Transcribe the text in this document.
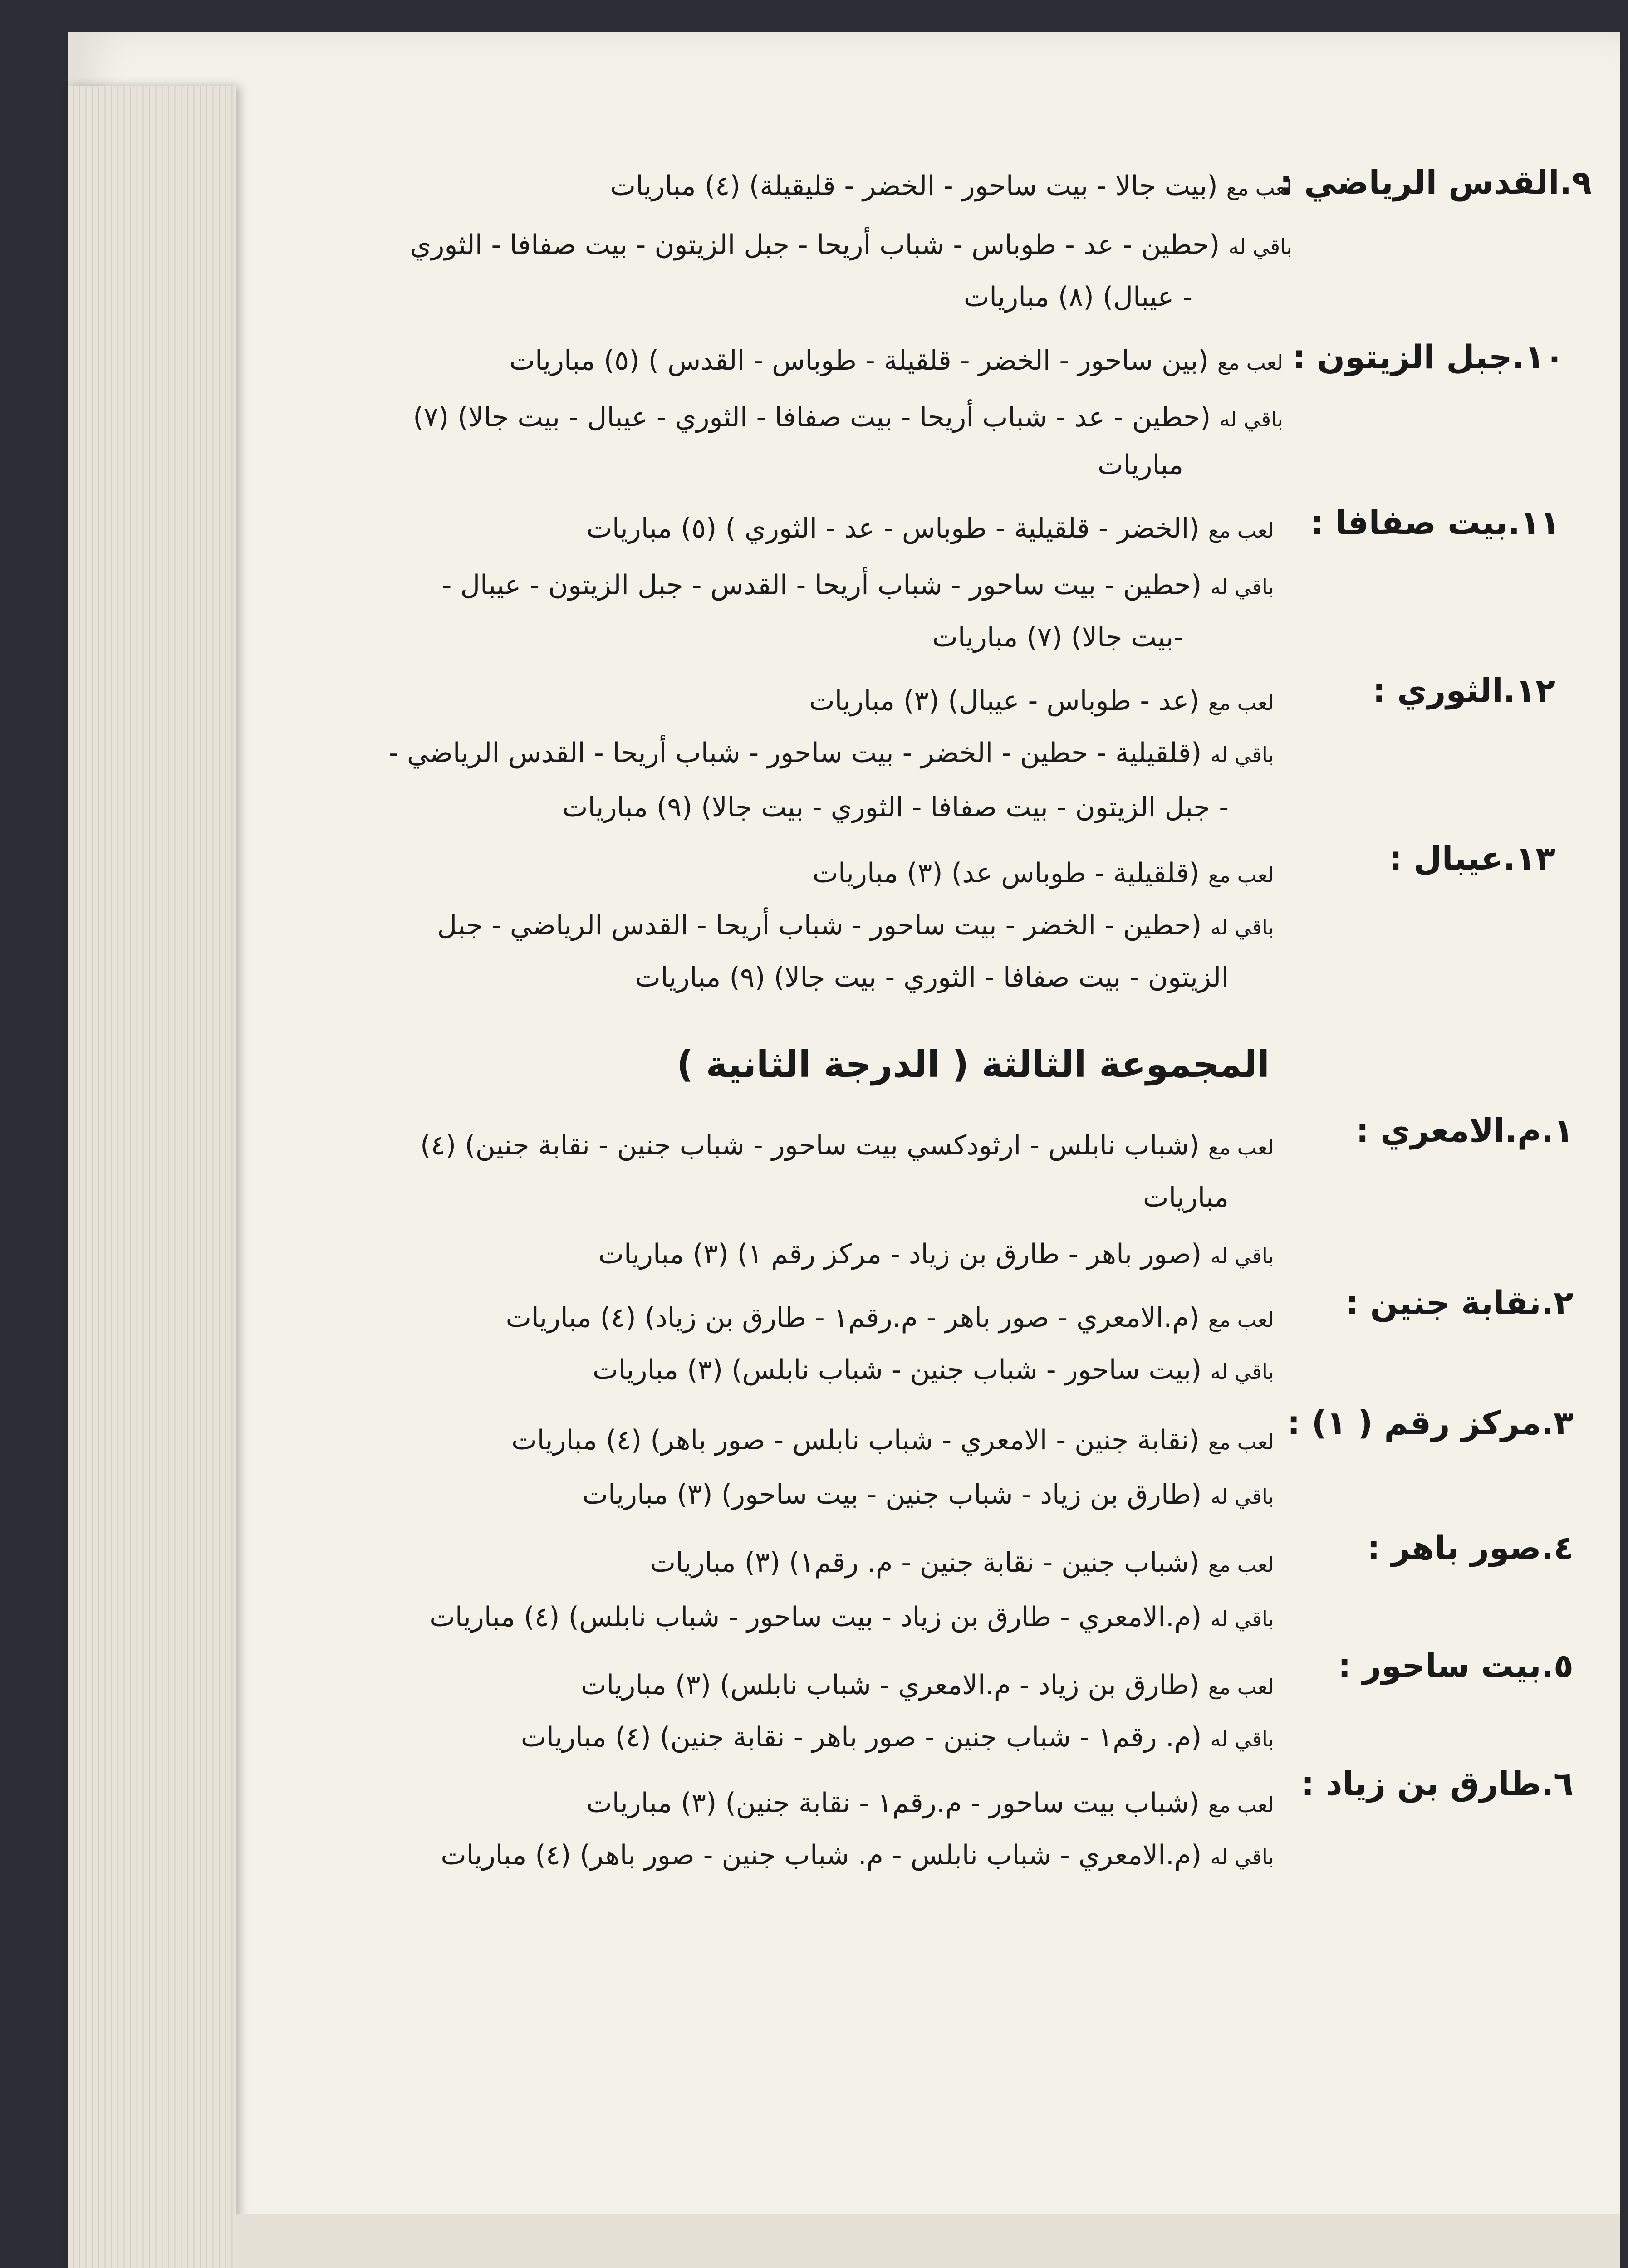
٩.القدس الرياضي :
لعب مع (بيت جالا - بيت ساحور - الخضر - قليقيلة) (٤) مباريات
باقي له (حطين - عد - طوباس - شباب أريحا - جبل الزيتون - بيت صفافا - الثوري
- عيبال) (٨) مباريات
١٠.جبل الزيتون :
لعب مع (بين ساحور - الخضر - قلقيلة - طوباس - القدس ) (٥) مباريات
باقي له (حطين - عد - شباب أريحا - بيت صفافا - الثوري - عيبال - بيت جالا) (٧)
مباريات
١١.بيت صفافا :
لعب مع (الخضر - قلقيلية - طوباس - عد - الثوري ) (٥) مباريات
باقي له (حطين - بيت ساحور - شباب أريحا - القدس - جبل الزيتون - عيبال -
-بيت جالا) (٧) مباريات
١٢.الثوري :
لعب مع (عد - طوباس - عيبال) (٣) مباريات
باقي له (قلقيلية - حطين - الخضر - بيت ساحور - شباب أريحا - القدس الرياضي -
- جبل الزيتون - بيت صفافا - الثوري - بيت جالا) (٩) مباريات
١٣.عيبال :
لعب مع (قلقيلية - طوباس عد) (٣) مباريات
باقي له (حطين - الخضر - بيت ساحور - شباب أريحا - القدس الرياضي - جبل
الزيتون - بيت صفافا - الثوري - بيت جالا) (٩) مباريات
المجموعة الثالثة ( الدرجة الثانية )
١.م.الامعري :
لعب مع (شباب نابلس - ارثودكسي بيت ساحور - شباب جنين - نقابة جنين) (٤)
مباريات
باقي له (صور باهر - طارق بن زياد - مركز رقم ١) (٣) مباريات
٢.نقابة جنين :
لعب مع (م.الامعري - صور باهر - م.رقم١ - طارق بن زياد) (٤) مباريات
باقي له (بيت ساحور - شباب جنين - شباب نابلس) (٣) مباريات
٣.مركز رقم ( ١) :
لعب مع (نقابة جنين - الامعري - شباب نابلس - صور باهر) (٤) مباريات
باقي له (طارق بن زياد - شباب جنين - بيت ساحور) (٣) مباريات
٤.صور باهر :
لعب مع (شباب جنين - نقابة جنين - م. رقم١) (٣) مباريات
باقي له (م.الامعري - طارق بن زياد - بيت ساحور - شباب نابلس) (٤) مباريات
٥.بيت ساحور :
لعب مع (طارق بن زياد - م.الامعري - شباب نابلس) (٣) مباريات
باقي له (م. رقم١ - شباب جنين - صور باهر - نقابة جنين) (٤) مباريات
٦.طارق بن زياد :
لعب مع (شباب بيت ساحور - م.رقم١ - نقابة جنين) (٣) مباريات
باقي له (م.الامعري - شباب نابلس - م. شباب جنين - صور باهر) (٤) مباريات
